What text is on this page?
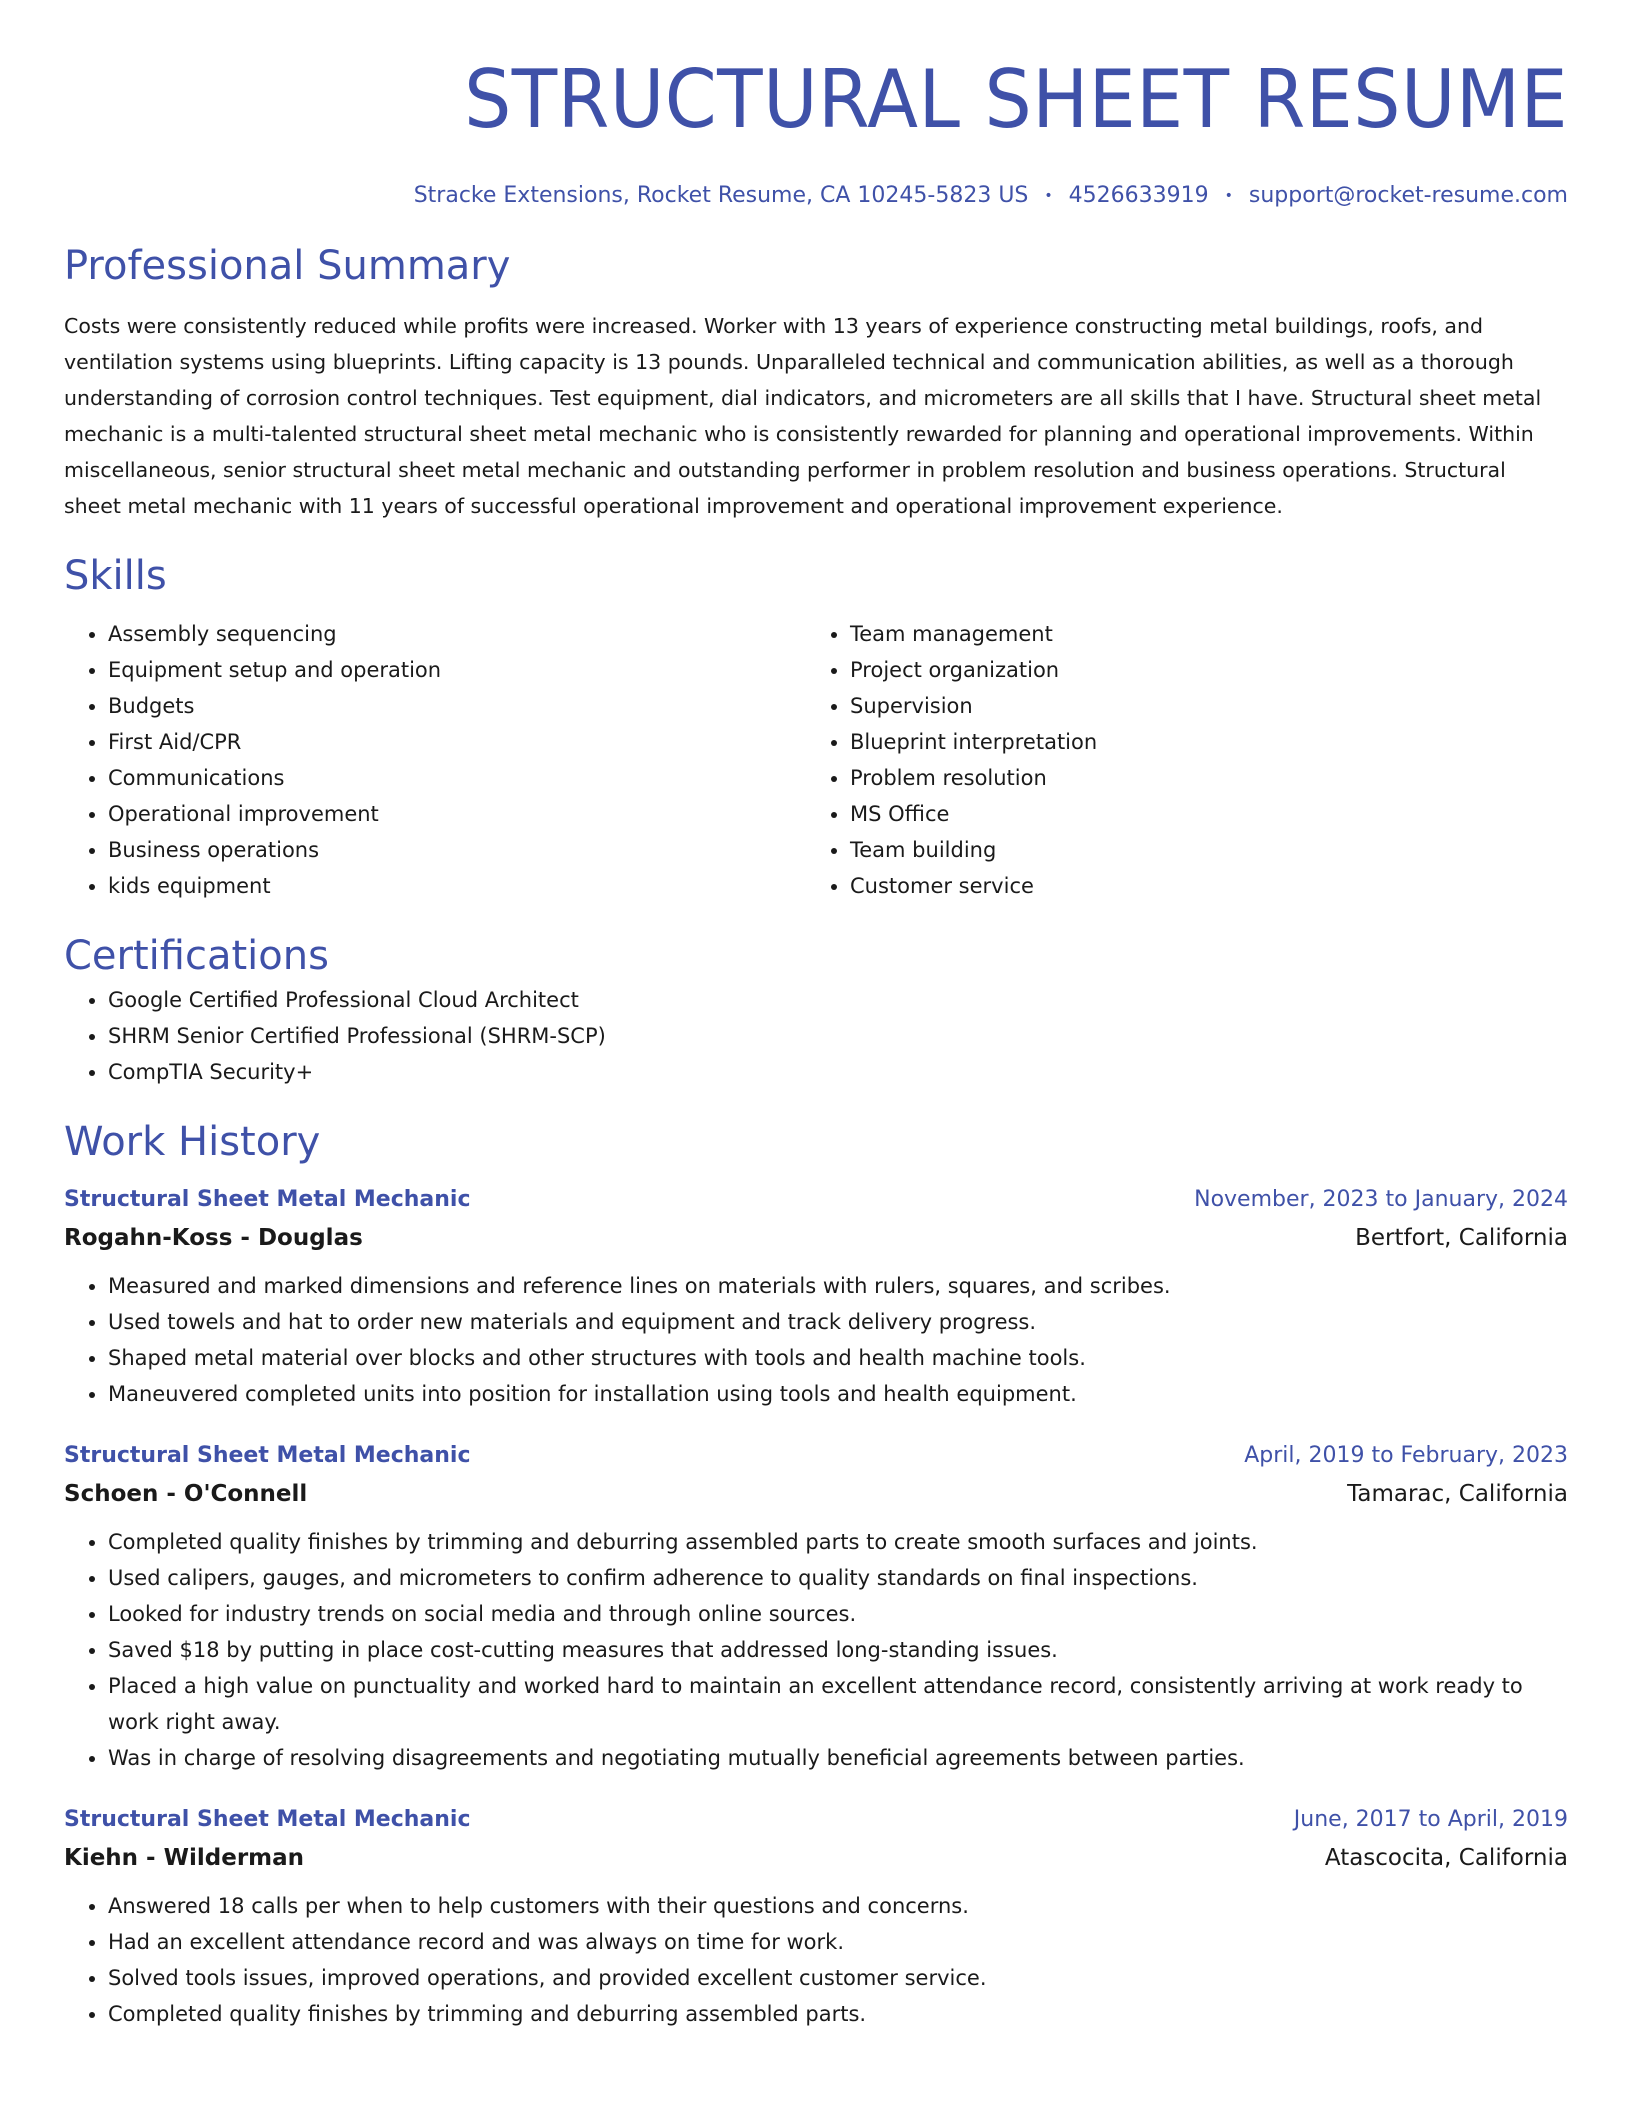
STRUCTURAL SHEET RESUME
Stracke Extensions, Rocket Resume, CA 10245-5823 US • 4526633919 • support@rocket-resume.com
Professional Summary

Costs were consistently reduced while profits were increased. Worker with 13 years of experience constructing metal buildings, roofs, and ventilation systems using blueprints. Lifting capacity is 13 pounds. Unparalleled technical and communication abilities, as well as a thorough understanding of corrosion control techniques. Test equipment, dial indicators, and micrometers are all skills that I have. Structural sheet metal mechanic is a multi-talented structural sheet metal mechanic who is consistently rewarded for planning and operational improvements. Within miscellaneous, senior structural sheet metal mechanic and outstanding performer in problem resolution and business operations. Structural sheet metal mechanic with 11 years of successful operational improvement and operational improvement experience.

Skills
• Assembly sequencing
• Equipment setup and operation
• Budgets
• First Aid/CPR
• Communications
• Operational improvement
• Business operations
• kids equipment
• Team management
• Project organization
• Supervision
• Blueprint interpretation
• Problem resolution
• MS Office
• Team building
• Customer service
Certifications
• Google Certified Professional Cloud Architect
• SHRM Senior Certified Professional (SHRM-SCP)
• CompTIA Security+
Work History
Structural Sheet Metal Mechanic	November, 2023 to January, 2024
Rogahn-Koss - Douglas	Bertfort, California
• Measured and marked dimensions and reference lines on materials with rulers, squares, and scribes.
• Used towels and hat to order new materials and equipment and track delivery progress.
• Shaped metal material over blocks and other structures with tools and health machine tools.
• Maneuvered completed units into position for installation using tools and health equipment.
Structural Sheet Metal Mechanic	April, 2019 to February, 2023
Schoen - O'Connell	Tamarac, California
• Completed quality finishes by trimming and deburring assembled parts to create smooth surfaces and joints.
• Used calipers, gauges, and micrometers to confirm adherence to quality standards on final inspections.
• Looked for industry trends on social media and through online sources.
• Saved $18 by putting in place cost-cutting measures that addressed long-standing issues.
• Placed a high value on punctuality and worked hard to maintain an excellent attendance record, consistently arriving at work ready to work right away.
• Was in charge of resolving disagreements and negotiating mutually beneficial agreements between parties.
Structural Sheet Metal Mechanic	June, 2017 to April, 2019
Kiehn - Wilderman	Atascocita, California
• Answered 18 calls per when to help customers with their questions and concerns.
• Had an excellent attendance record and was always on time for work.
• Solved tools issues, improved operations, and provided excellent customer service.
• Completed quality finishes by trimming and deburring assembled parts.
